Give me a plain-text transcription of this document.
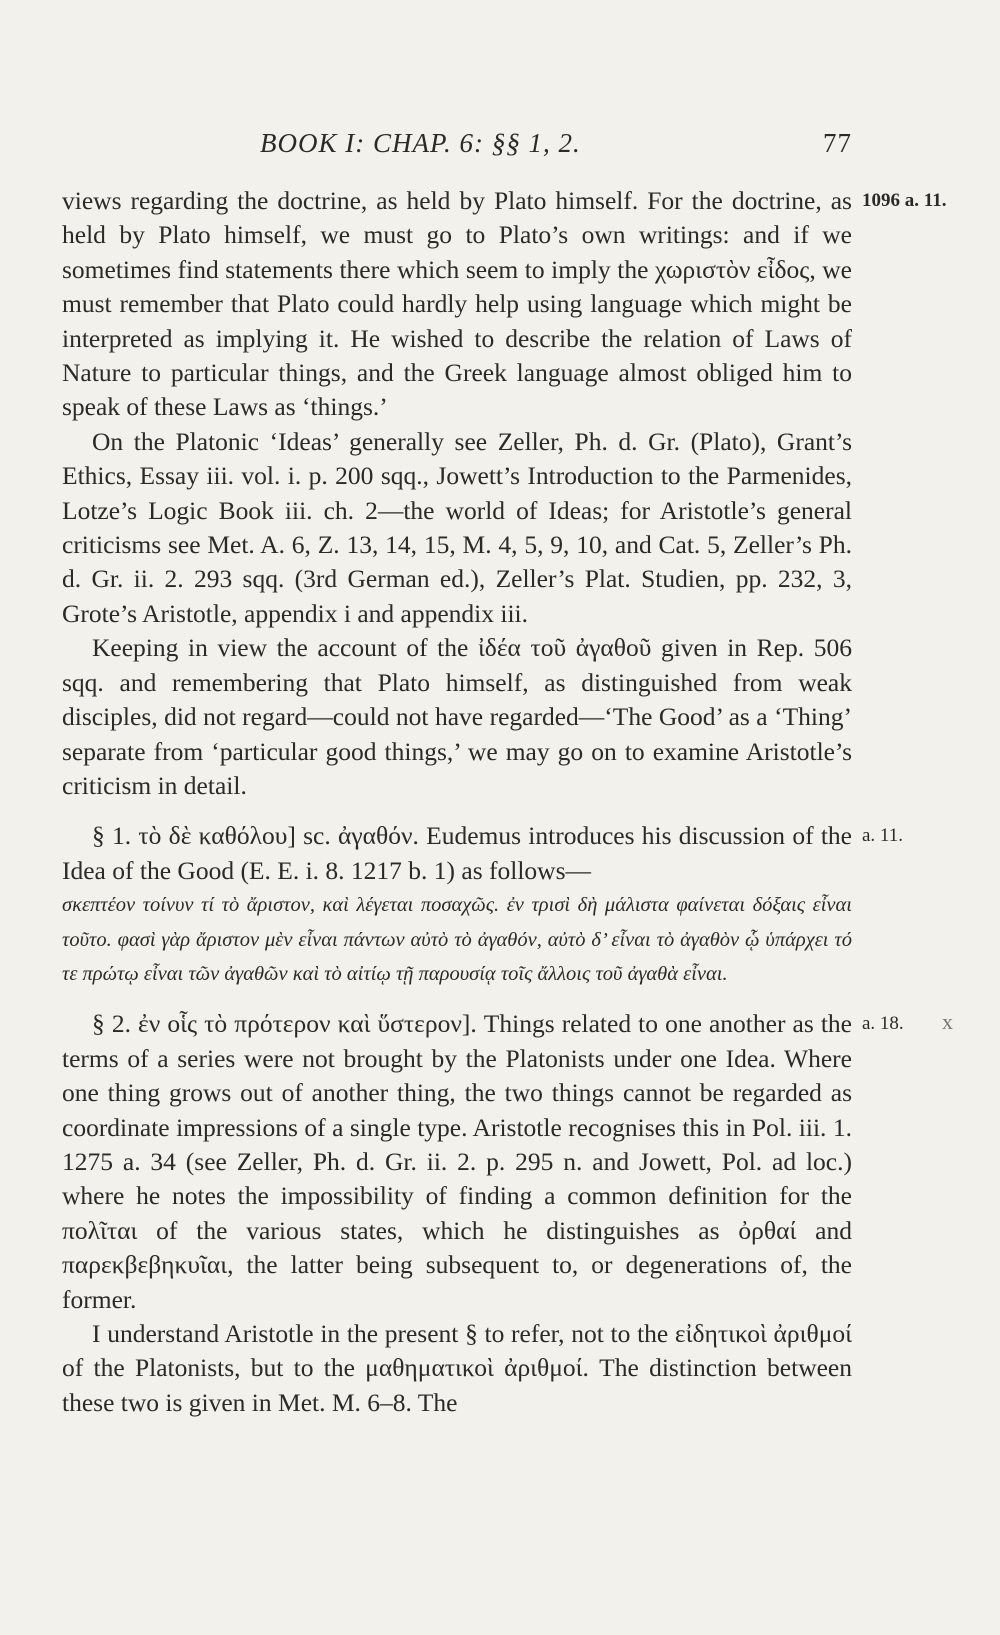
BOOK I: CHAP. 6: §§ 1, 2.	77

1096 a. 11.
views regarding the doctrine, as held by Plato himself. For the doctrine, as held by Plato himself, we must go to Plato’s own writings: and if we sometimes find statements there which seem to imply the χωριστὸν εἶδος, we must remember that Plato could hardly help using language which might be interpreted as implying it. He wished to describe the relation of Laws of Nature to particular things, and the Greek language almost obliged him to speak of these Laws as ‘things.’

On the Platonic ‘Ideas’ generally see Zeller, Ph. d. Gr. (Plato), Grant’s Ethics, Essay iii. vol. i. p. 200 sqq., Jowett’s Introduction to the Parmenides, Lotze’s Logic Book iii. ch. 2—the world of Ideas; for Aristotle’s general criticisms see Met. A. 6, Z. 13, 14, 15, M. 4, 5, 9, 10, and Cat. 5, Zeller’s Ph. d. Gr. ii. 2. 293 sqq. (3rd German ed.), Zeller’s Plat. Studien, pp. 232, 3, Grote’s Aristotle, appendix i and appendix iii.

Keeping in view the account of the ἰδέα τοῦ ἀγαθοῦ given in Rep. 506 sqq. and remembering that Plato himself, as distinguished from weak disciples, did not regard—could not have regarded—‘The Good’ as a ‘Thing’ separate from ‘particular good things,’ we may go on to examine Aristotle’s criticism in detail.

a. 11.
§ 1. τὸ δὲ καθόλου] sc. ἀγαθόν. Eudemus introduces his discussion of the Idea of the Good (E. E. i. 8. 1217 b. 1) as follows—

σκεπτέον τοίνυν τί τὸ ἄριστον, καὶ λέγεται ποσαχῶς. ἐν τρισὶ δὴ μάλιστα φαίνεται δόξαις εἶναι τοῦτο. φασὶ γὰρ ἄριστον μὲν εἶναι πάντων αὐτὸ τὸ ἀγαθόν, αὐτὸ δ’ εἶναι τὸ ἀγαθὸν ᾧ ὑπάρχει τό τε πρώτῳ εἶναι τῶν ἀγαθῶν καὶ τὸ αἰτίῳ τῇ παρουσίᾳ τοῖς ἄλλοις τοῦ ἀγαθὰ εἶναι.

a. 18. x
§ 2. ἐν οἷς τὸ πρότερον καὶ ὕστερον]. Things related to one another as the terms of a series were not brought by the Platonists under one Idea. Where one thing grows out of another thing, the two things cannot be regarded as coordinate impressions of a single type. Aristotle recognises this in Pol. iii. 1. 1275 a. 34 (see Zeller, Ph. d. Gr. ii. 2. p. 295 n. and Jowett, Pol. ad loc.) where he notes the impossibility of finding a common definition for the πολῖται of the various states, which he distinguishes as ὀρθαί and παρεκβεβηκυῖαι, the latter being subsequent to, or degenerations of, the former.

I understand Aristotle in the present § to refer, not to the εἰδητικοὶ ἀριθμοί of the Platonists, but to the μαθηματικοὶ ἀριθμοί. The distinction between these two is given in Met. M. 6–8. The
